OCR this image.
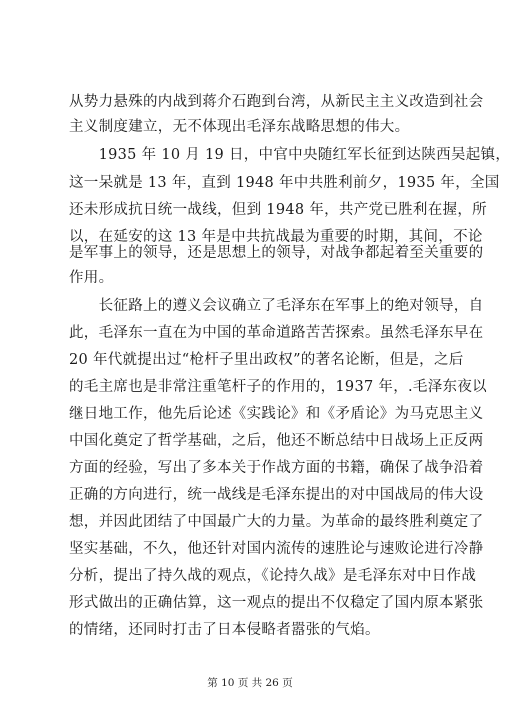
从势力悬殊的内战到蒋介石跑到台湾，从新民主主义改造到社会
主义制度建立，无不体现出毛泽东战略思想的伟大。
　　1935 年 10 月 19 日，中官中央随红军长征到达陕西吴起镇，
这一呆就是 13 年，直到 1948 年中共胜利前夕，1935 年，全国
还未形成抗日统一战线，但到 1948 年，共产党已胜利在握，所
以，在延安的这 13 年是中共抗战最为重要的时期，其间，不论
是军事上的领导，还是思想上的领导，对战争都起着至关重要的
作用。
　　长征路上的遵义会议确立了毛泽东在军事上的绝对领导，自
此，毛泽东一直在为中国的革命道路苦苦探索。虽然毛泽东早在
20 年代就提出过“枪杆子里出政权”的著名论断，但是，之后
的毛主席也是非常注重笔杆子的作用的，1937 年，.毛泽东夜以
继日地工作，他先后论述《实践论》和《矛盾论》为马克思主义
中国化奠定了哲学基础，之后，他还不断总结中日战场上正反两
方面的经验，写出了多本关于作战方面的书籍，确保了战争沿着
正确的方向进行，统一战线是毛泽东提出的对中国战局的伟大设
想，并因此团结了中国最广大的力量。为革命的最终胜利奠定了
坚实基础，不久，他还针对国内流传的速胜论与速败论进行冷静
分析，提出了持久战的观点，《论持久战》是毛泽东对中日作战
形式做出的正确估算，这一观点的提出不仅稳定了国内原本紧张
的情绪，还同时打击了日本侵略者嚣张的气焰。
第 10 页 共 26 页
